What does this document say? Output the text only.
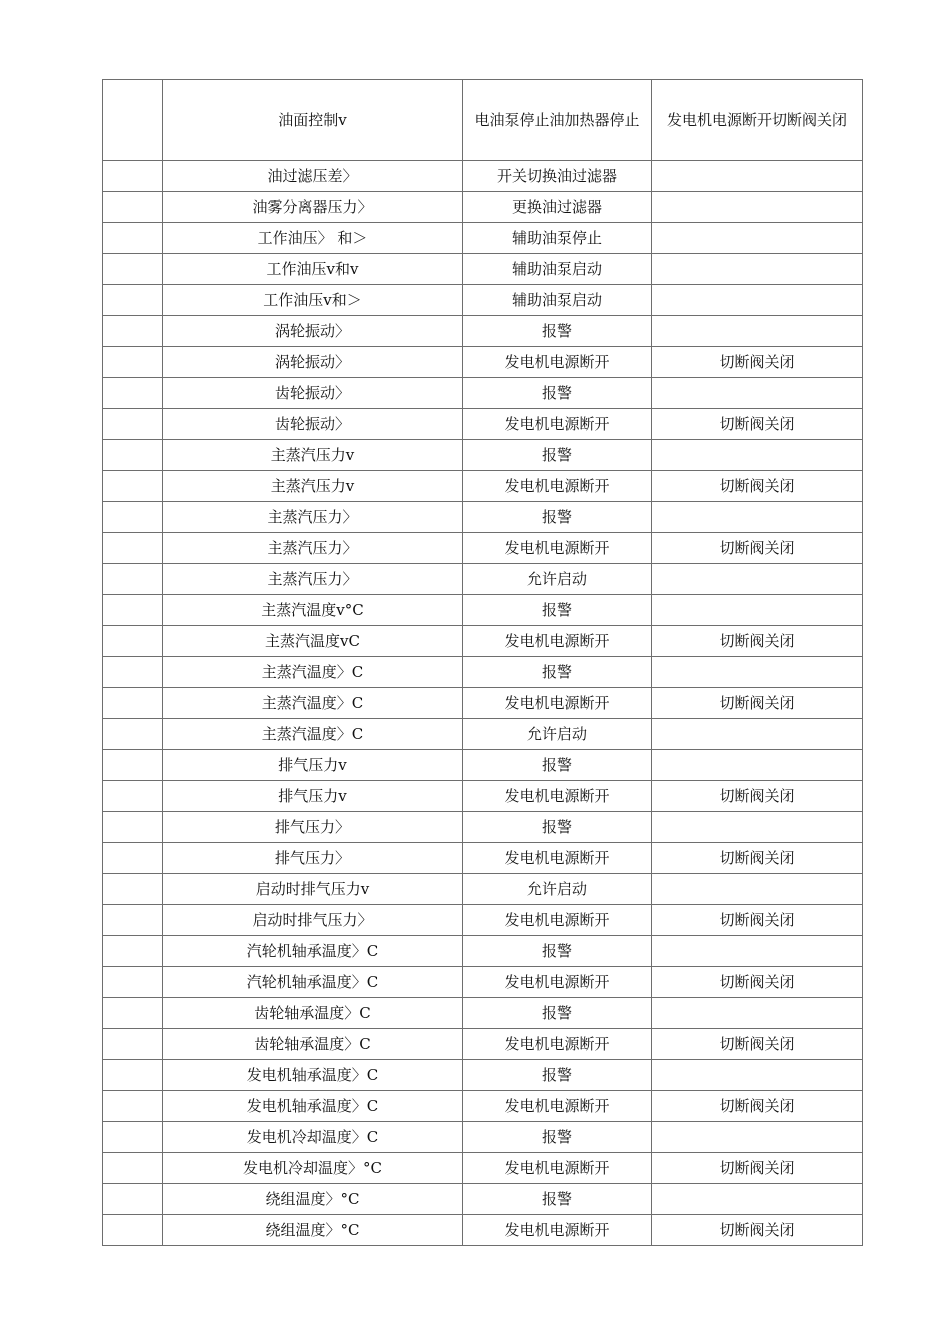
	油面控制v	电油泵停止油加热器停止	发电机电源断开切断阀关闭
	油过滤压差〉	开关切换油过滤器	
	油雾分离器压力〉	更换油过滤器	
	工作油压〉 和＞	辅助油泵停止	
	工作油压v和v	辅助油泵启动	
	工作油压v和＞	辅助油泵启动	
	涡轮振动〉	报警	
	涡轮振动〉	发电机电源断开	切断阀关闭
	齿轮振动〉	报警	
	齿轮振动〉	发电机电源断开	切断阀关闭
	主蒸汽压力v	报警	
	主蒸汽压力v	发电机电源断开	切断阀关闭
	主蒸汽压力〉	报警	
	主蒸汽压力〉	发电机电源断开	切断阀关闭
	主蒸汽压力〉	允许启动	
	主蒸汽温度v°C	报警	
	主蒸汽温度vC	发电机电源断开	切断阀关闭
	主蒸汽温度〉C	报警	
	主蒸汽温度〉C	发电机电源断开	切断阀关闭
	主蒸汽温度〉C	允许启动	
	排气压力v	报警	
	排气压力v	发电机电源断开	切断阀关闭
	排气压力〉	报警	
	排气压力〉	发电机电源断开	切断阀关闭
	启动时排气压力v	允许启动	
	启动时排气压力〉	发电机电源断开	切断阀关闭
	汽轮机轴承温度〉C	报警	
	汽轮机轴承温度〉C	发电机电源断开	切断阀关闭
	齿轮轴承温度〉C	报警	
	齿轮轴承温度〉C	发电机电源断开	切断阀关闭
	发电机轴承温度〉C	报警	
	发电机轴承温度〉C	发电机电源断开	切断阀关闭
	发电机冷却温度〉C	报警	
	发电机冷却温度〉°C	发电机电源断开	切断阀关闭
	绕组温度〉°C	报警	
	绕组温度〉°C	发电机电源断开	切断阀关闭
